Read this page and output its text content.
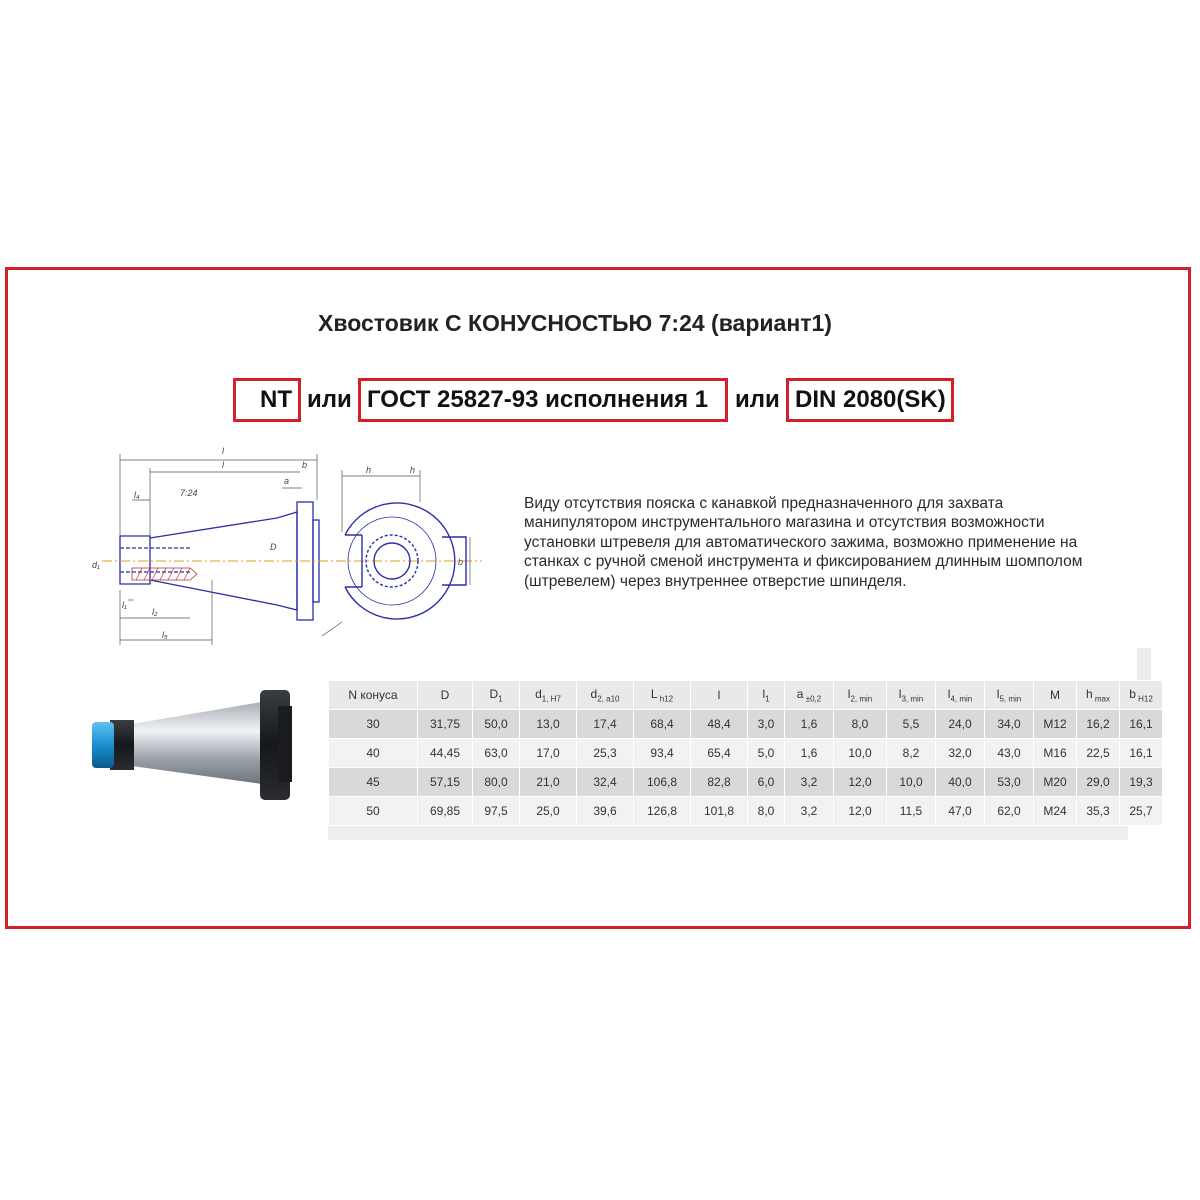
Хвостовик С КОНУСНОСТЬЮ 7:24 (вариант1)
NT или ГОСТ 25827-93 исполнения 1	или DIN 2080(SK)
l
l	b
7:24
a
D
l₄
l₁
l₂
l₅
d₁
h	h
b
Виду отсутствия пояска с канавкой предназначенного для захвата
манипулятором инструментального магазина и отсутствия возможности
установки штревеля для автоматического зажима, возможно применение на
станках с ручной сменой инструмента и фиксированием длинным шомполом
(штревелем) через внутреннее отверстие шпинделя.
N конуса	D	$D_1$	$d_{1, H7}$	$d_{2, a10}$	L $_{h12}$	l	$l_1$	a $_{\pm 0,2}$	$l_{2, min}$	$l_{3, min}$	$l_{4, min}$	$l_{5, min}$	M	h $_{max}$	b $_{H12}$
30	31,75	50,0	13,0	17,4	68,4	48,4	3,0	1,6	8,0	5,5	24,0	34,0	M12	16,2	16,1
40	44,45	63,0	17,0	25,3	93,4	65,4	5,0	1,6	10,0	8,2	32,0	43,0	M16	22,5	16,1
45	57,15	80,0	21,0	32,4	106,8	82,8	6,0	3,2	12,0	10,0	40,0	53,0	M20	29,0	19,3
50	69,85	97,5	25,0	39,6	126,8	101,8	8,0	3,2	12,0	11,5	47,0	62,0	M24	35,3	25,7
